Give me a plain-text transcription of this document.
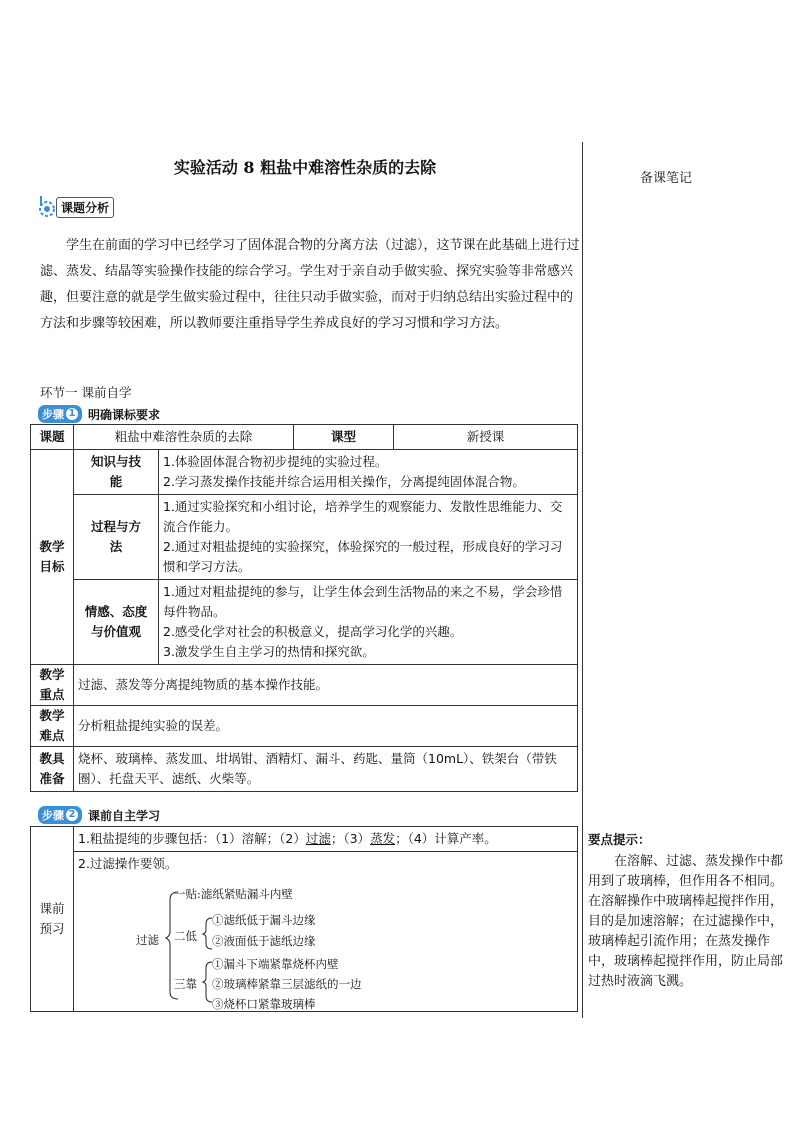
实验活动 8 粗盐中难溶性杂质的去除
备课笔记
课题分析
学生在前面的学习中已经学习了固体混合物的分离方法（过滤），这节课在此基础上进行过滤、蒸发、结晶等实验操作技能的综合学习。学生对于亲自动手做实验、探究实验等非常感兴趣，但要注意的就是学生做实验过程中，往往只动手做实验，而对于归纳总结出实验过程中的方法和步骤等较困难，所以教师要注重指导学生养成良好的学习习惯和学习方法。
环节一 课前自学
步骤 1 明确课标要求
课题	粗盐中难溶性杂质的去除		课型	新授课
教学目标	知识与技能	1.体验固体混合物初步提纯的实验过程。
2.学习蒸发操作技能并综合运用相关操作，分离提纯固体混合物。		

	过程与方法	1.通过实验探究和小组讨论，培养学生的观察能力、发散性思维能力、交流合作能力。
2.通过对粗盐提纯的实验探究，体验探究的一般过程，形成良好的学习习惯和学习方法。		

	情感、态度与价值观	1.通过对粗盐提纯的参与，让学生体会到生活物品的来之不易，学会珍惜每件物品。
2.感受化学对社会的积极意义，提高学习化学的兴趣。
3.激发学生自主学习的热情和探究欲。		

教学重点	过滤、蒸发等分离提纯物质的基本操作技能。			
教学难点	分析粗盐提纯实验的误差。			
教具准备	烧杯、玻璃棒、蒸发皿、坩埚钳、酒精灯、漏斗、药匙、量筒（10mL）、铁架台（带铁圈）、托盘天平、滤纸、火柴等。			
步骤 2 课前自主学习
课前预习	1.粗盐提纯的步骤包括：（1）溶解；（2）过滤；（3）蒸发；（4）计算产率。

2.过滤操作要领。
过滤
一贴:滤纸紧贴漏斗内壁
二低
①滤纸低于漏斗边缘
②液面低于滤纸边缘
三靠
①漏斗下端紧靠烧杯内壁
②玻璃棒紧靠三层滤纸的一边
③烧杯口紧靠玻璃棒
要点提示：

在溶解、过滤、蒸发操作中都用到了玻璃棒，但作用各不相同。在溶解操作中玻璃棒起搅拌作用，目的是加速溶解；在过滤操作中，玻璃棒起引流作用；在蒸发操作中，玻璃棒起搅拌作用，防止局部过热时液滴飞溅。
